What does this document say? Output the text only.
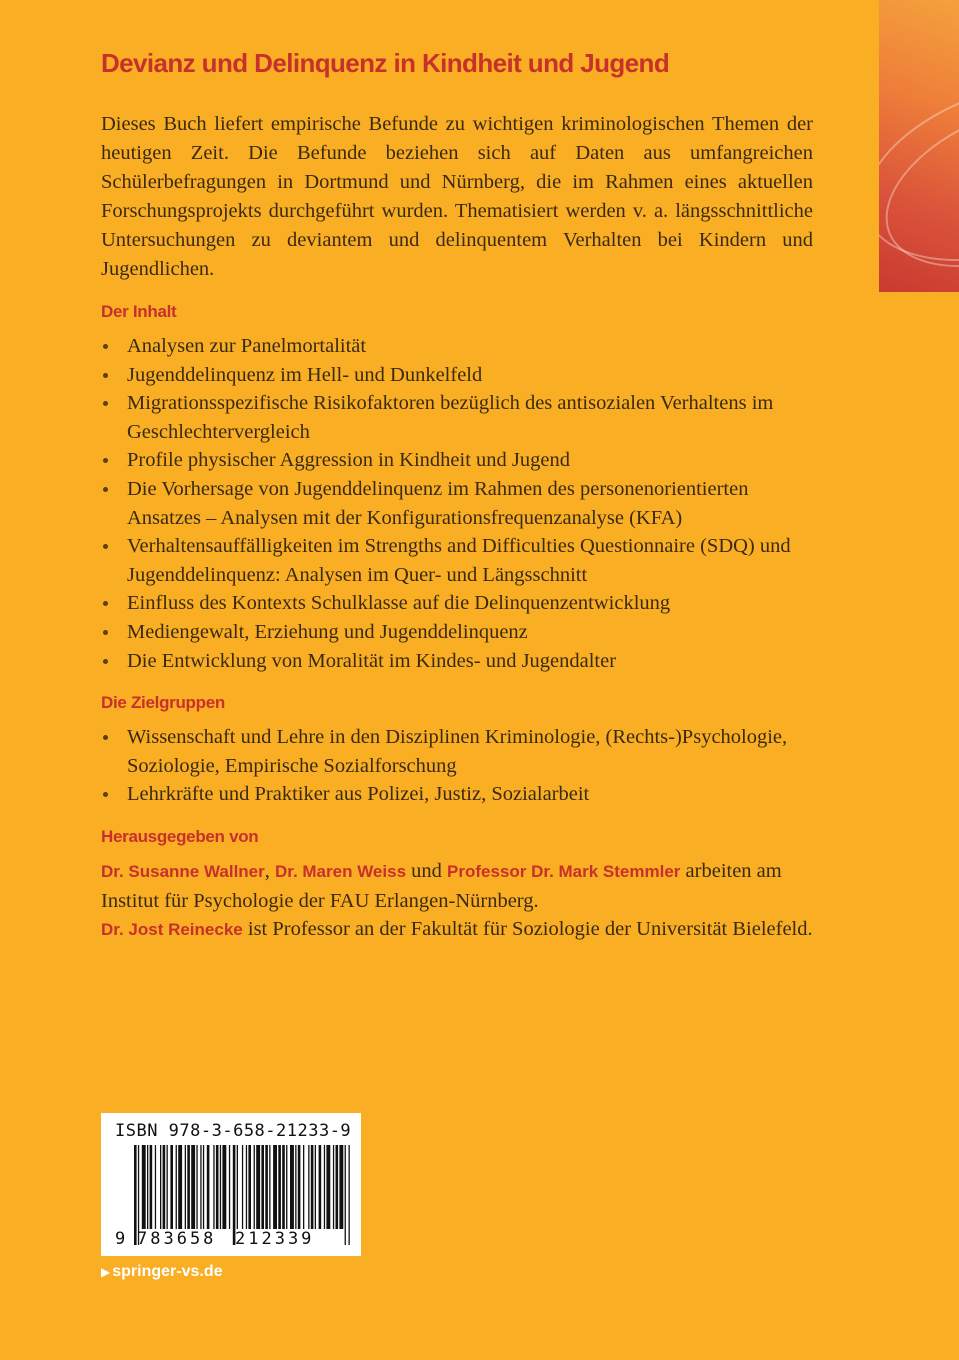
Devianz und Delinquenz in Kindheit und Jugend

Dieses Buch liefert empirische Befunde zu wichtigen kriminologischen Themen der heutigen Zeit. Die Befunde beziehen sich auf Daten aus umfangreichen Schülerbefragungen in Dortmund und Nürnberg, die im Rahmen eines aktuellen Forschungsprojekts durchgeführt wurden. Thematisiert werden v. a. längsschnittliche Untersuchungen zu deviantem und delinquentem Verhalten bei Kindern und Jugendlichen.

Der Inhalt
Analysen zur Panelmortalität
Jugenddelinquenz im Hell- und Dunkelfeld
Migrationsspezifische Risikofaktoren bezüglich des antisozialen Verhaltens im Geschlechtervergleich
Profile physischer Aggression in Kindheit und Jugend
Die Vorhersage von Jugenddelinquenz im Rahmen des personenorientierten Ansatzes – Analysen mit der Konfigurationsfrequenzanalyse (KFA)
Verhaltensauffälligkeiten im Strengths and Difficulties Questionnaire (SDQ) und Jugenddelinquenz: Analysen im Quer- und Längsschnitt
Einfluss des Kontexts Schulklasse auf die Delinquenzentwicklung
Mediengewalt, Erziehung und Jugenddelinquenz
Die Entwicklung von Moralität im Kindes- und Jugendalter
Die Zielgruppen
Wissenschaft und Lehre in den Disziplinen Kriminologie, (Rechts-)Psychologie, Soziologie, Empirische Sozialforschung
Lehrkräfte und Praktiker aus Polizei, Justiz, Sozialarbeit
Herausgegeben von

Dr. Susanne Wallner, Dr. Maren Weiss und Professor Dr. Mark Stemmler arbeiten am Institut für Psychologie der FAU Erlangen-Nürnberg.
Dr. Jost Reinecke ist Professor an der Fakultät für Soziologie der Universität Bielefeld.

ISBN 978-3-658-21233-9
9 783658 212339
▶ springer-vs.de
